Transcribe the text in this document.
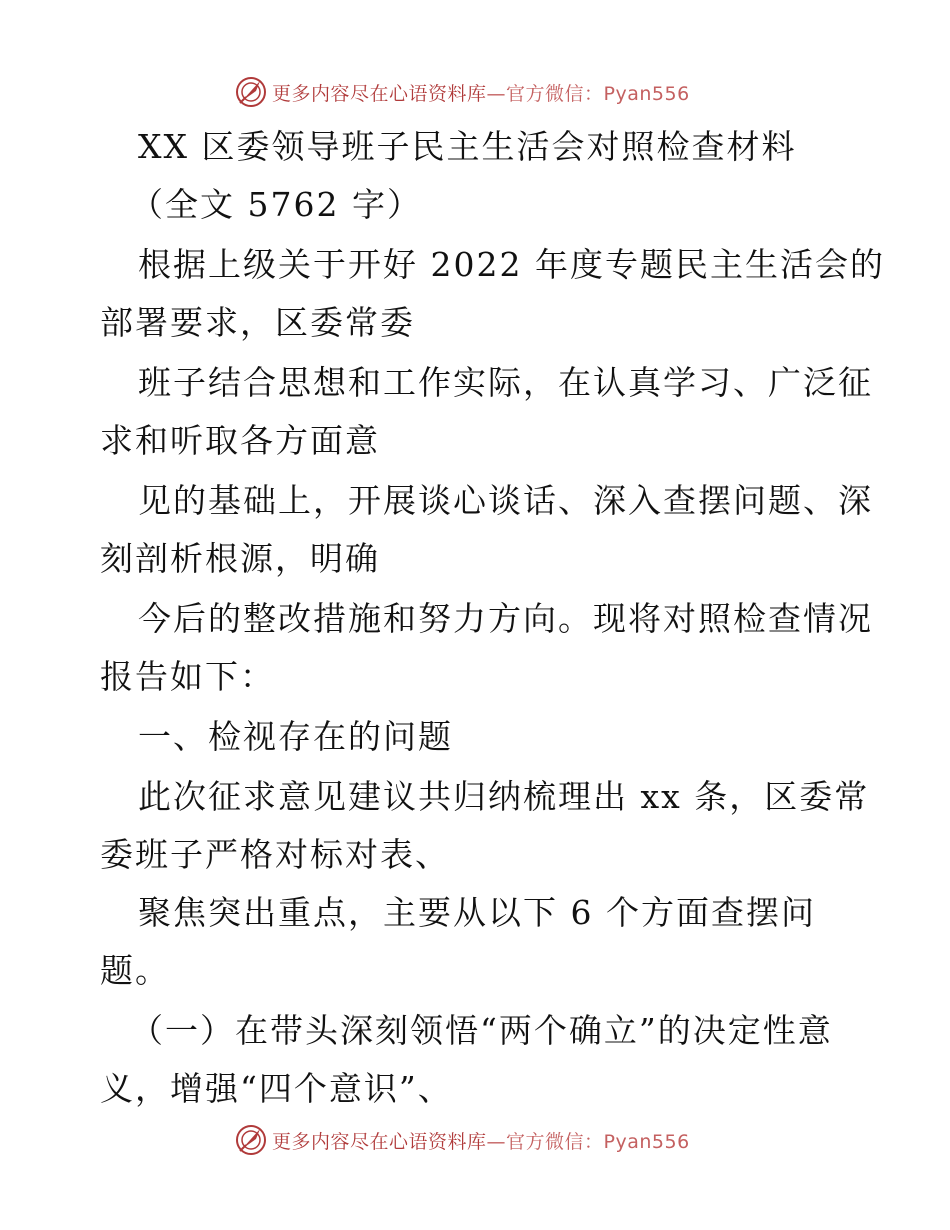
更多内容尽在心语资料库—官方微信：Pyan556
XX 区委领导班子民主生活会对照检查材料
（全文 5762 字）
根据上级关于开好 2022 年度专题民主生活会的
部署要求，区委常委
班子结合思想和工作实际，在认真学习、广泛征
求和听取各方面意
见的基础上，开展谈心谈话、深入查摆问题、深
刻剖析根源，明确
今后的整改措施和努力方向。现将对照检查情况
报告如下：
一、检视存在的问题
此次征求意见建议共归纳梳理出 xx 条，区委常
委班子严格对标对表、
聚焦突出重点，主要从以下 6 个方面查摆问
题。
（一）在带头深刻领悟“两个确立”的决定性意
义，增强“四个意识”、
更多内容尽在心语资料库—官方微信：Pyan556
